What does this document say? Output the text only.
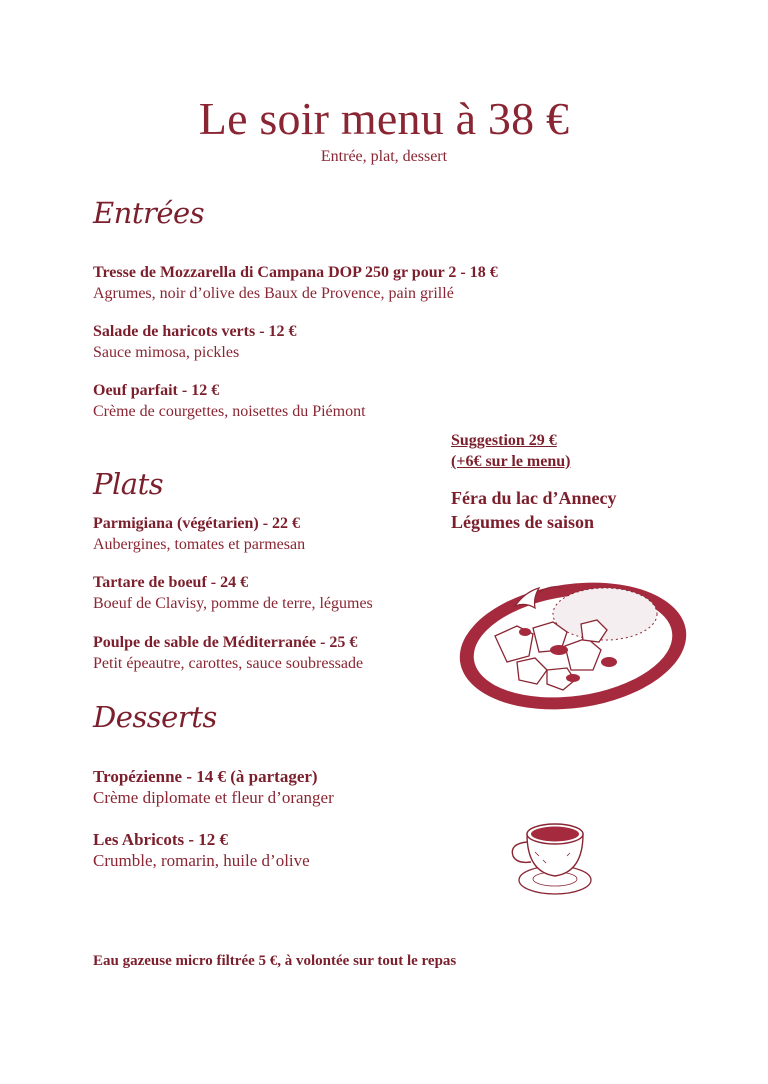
Le soir menu à 38 €
Entrée, plat, dessert
Entrées
Tresse de Mozzarella di Campana DOP 250 gr pour 2 - 18 €
Agrumes, noir d’olive des Baux de Provence, pain grillé
Salade de haricots verts - 12 €
Sauce mimosa, pickles
Oeuf parfait - 12 €
Crème de courgettes, noisettes du Piémont
Plats
Parmigiana (végétarien) - 22 €
Aubergines, tomates et parmesan
Tartare de boeuf - 24 €
Boeuf de Clavisy, pomme de terre, légumes
Poulpe de sable de Méditerranée - 25 €
Petit épeautre, carottes, sauce soubressade
Desserts
Tropézienne - 14 € (à partager)
Crème diplomate et fleur d’oranger
Les Abricots - 12 €
Crumble, romarin, huile d’olive
Suggestion 29 €
(+6€ sur le menu)
Féra du lac d’Annecy
Légumes de saison
Eau gazeuse micro filtrée 5 €, à volontée sur tout le repas
